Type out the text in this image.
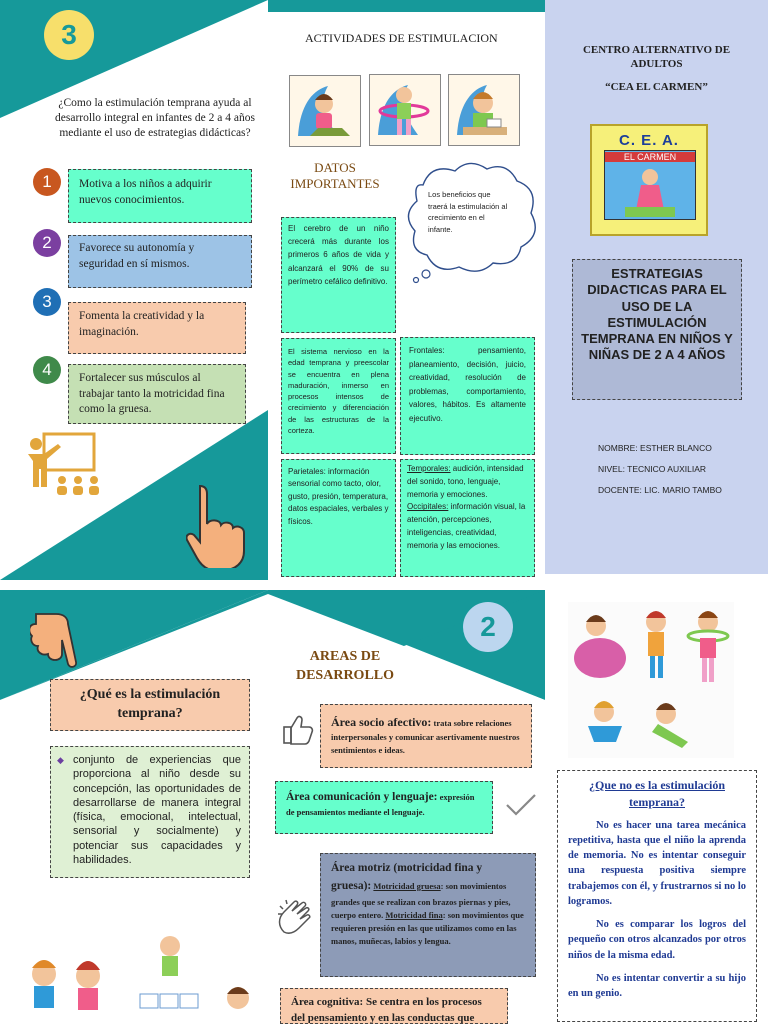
3
¿Como la estimulación temprana ayuda al desarrollo integral en infantes de 2 a 4 años mediante el uso de estrategias didácticas?
1	Motiva a los niños a adquirir nuevos conocimientos.
2	Favorece su autonomía y seguridad en sí mismos.
3
Fomenta la creatividad y la imaginación.
4	Fortalecer sus músculos al trabajar tanto la motricidad fina como la gruesa.
ACTIVIDADES DE ESTIMULACION
DATOS IMPORTANTES
Los beneficios que traerá la estimulación al crecimiento en el infante.
El cerebro de un niño crecerá más durante los primeros 6 años de vida y alcanzará el 90% de su perímetro cefálico definitivo.
El sistema nervioso en la edad temprana y preescolar se encuentra en plena maduración, inmerso en procesos intensos de crecimiento y diferenciación de las estructuras de la corteza.
Frontales: pensamiento, planeamiento, decisión, juicio, creatividad, resolución de problemas, comportamiento, valores, hábitos. Es altamente ejecutivo.
Parietales: información sensorial como tacto, olor, gusto, presión, temperatura, datos espaciales, verbales y físicos.
Temporales: audición, intensidad del sonido, tono, lenguaje, memoria y emociones. Occipitales: información visual, la atención, percepciones, inteligencias, creatividad, memoria y las emociones.
CENTRO ALTERNATIVO DE ADULTOS
“CEA EL CARMEN”
C. E. A.
EL CARMEN
ESTRATEGIAS DIDACTICAS PARA EL USO DE LA ESTIMULACIÓN TEMPRANA EN NIÑOS Y NIÑAS DE 2 A 4 AÑOS
NOMBRE: ESTHER BLANCO
NIVEL: TECNICO AUXILIAR
DOCENTE: LIC. MARIO TAMBO
2
¿Qué es la estimulación temprana?
◆ conjunto de experiencias que proporciona al niño desde su concepción, las oportunidades de desarrollarse de manera integral (física, emocional, intelectual, sensorial y socialmente) y potenciar sus capacidades y habilidades.
AREAS DE DESARROLLO
Área socio afectivo: trata sobre relaciones interpersonales y comunicar asertivamente nuestros sentimientos e ideas.
Área comunicación y lenguaje: expresión de pensamientos mediante el lenguaje.
Área motriz (motricidad fina y gruesa): Motricidad gruesa: son movimientos grandes que se realizan con brazos piernas y pies, cuerpo entero. Motricidad fina: son movimientos que requieren presión en las que utilizamos como en las manos, muñecas, labios y lengua.
Área cognitiva: Se centra en los procesos del pensamiento y en las conductas que
¿Que no es la estimulación temprana?
No es hacer una tarea mecánica repetitiva, hasta que el niño la aprenda de memoria. No es intentar conseguir una respuesta positiva siempre trabajemos con él, y frustrarnos si no lo logramos.
No es comparar los logros del pequeño con otros alcanzados por otros niños de la misma edad.
No es intentar convertir a su hijo en un genio.
